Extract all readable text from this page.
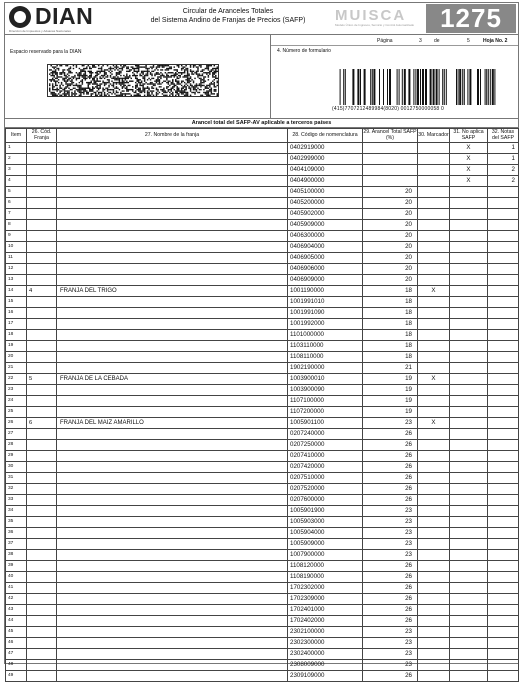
DIAN
Dirección de Impuestos y Aduanas Nacionales
Circular de Aranceles Totales
del Sistema Andino de Franjas de Precios (SAFP)	MUISCA
Modelo Único de Ingresos, Servicio y Control Automatizado	1275
Espacio reservado para la DIAN
Página	3 de	5	Hoja No. 2
4. Número de formulario
(415)7707212489984(8020) 0012750000058 0
Arancel total del SAFP-AV aplicable a terceros países
Item	26. Cód. Franja	27. Nombre de la franja	28. Código de nomenclatura	29. Arancel Total SAFP (%)	30. Marcador	31. No aplica SAFP	32. Notas del SAFP
1			0402919000			X	1
2			0402999000			X	1
3			0404109000			X	2
4			0404900000			X	2
5			0405100000	20			
6			0405200000	20			
7			0405902000	20			
8			0405909000	20			
9			0406300000	20			
10			0406904000	20			
11			0406905000	20			
12			0406906000	20			
13			0406909000	20			
14	4	FRANJA DEL TRIGO	1001190000	18	X		
15			1001991010	18			
16			1001991090	18			
17			1001992000	18			
18			1101000000	18			
19			1103110000	18			
20			1108110000	18			
21			1902190000	21			
22	5	FRANJA DE LA CEBADA	1003900010	19	X		
23			1003900090	19			
24			1107100000	19			
25			1107200000	19			
26	6	FRANJA DEL MAIZ AMARILLO	1005901100	23	X		
27			0207240000	26			
28			0207250000	26			
29			0207410000	26			
30			0207420000	26			
31			0207510000	26			
32			0207520000	26			
33			0207600000	26			
34			1005901900	23			
35			1005903000	23			
36			1005904000	23			
37			1005909000	23			
38			1007900000	23			
39			1108120000	26			
40			1108190000	26			
41			1702302000	26			
42			1702309000	26			
43			1702401000	26			
44			1702402000	26			
45			2302100000	23			
46			2302300000	23			
47			2302400000	23			
48			2308009000	23			
49			2309109000	26			
